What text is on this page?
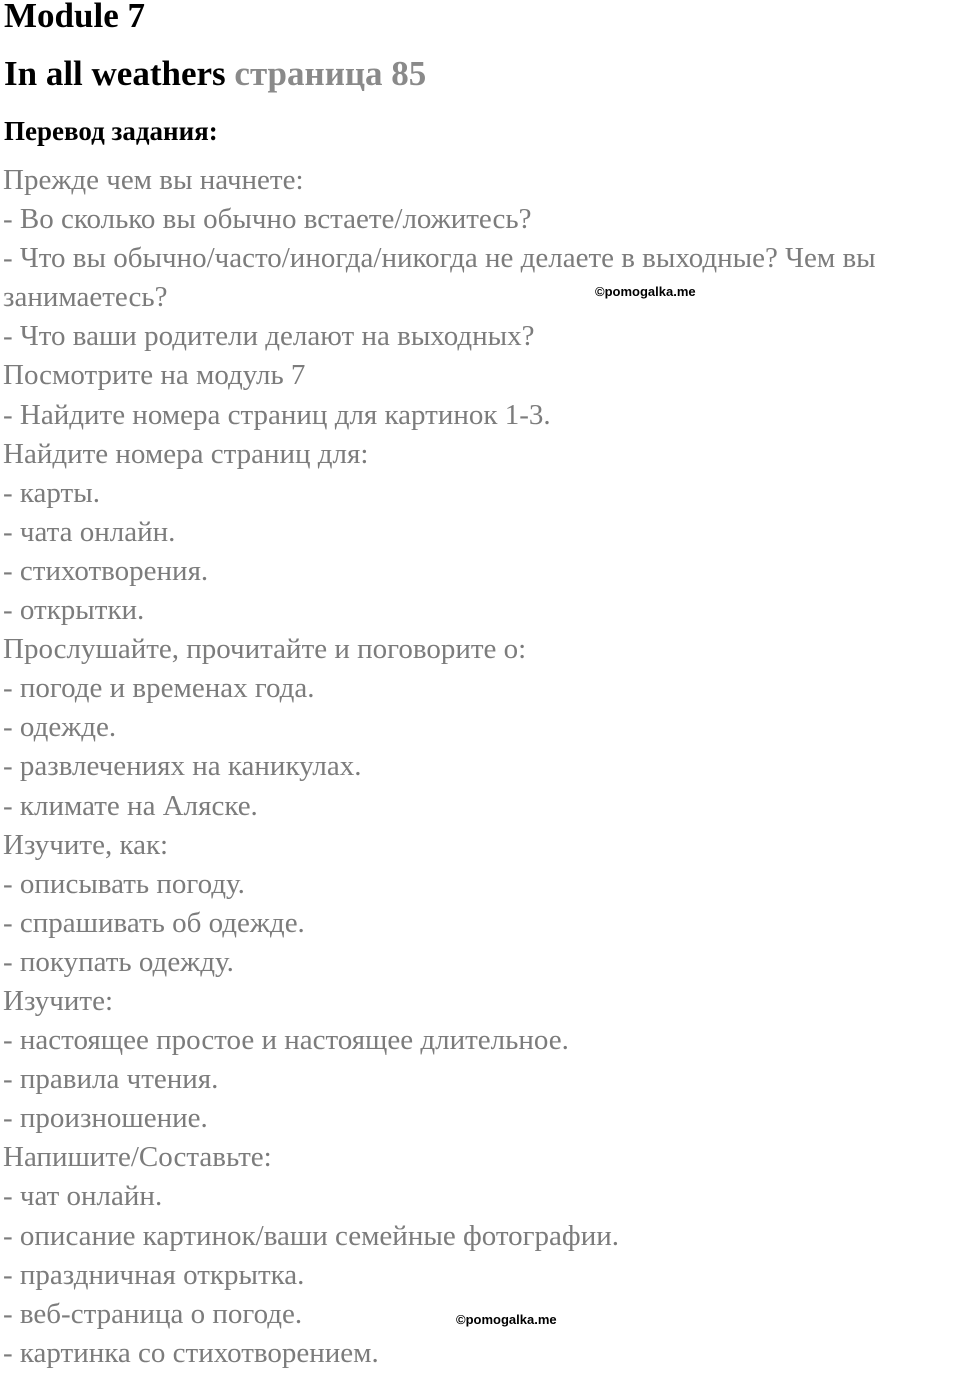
Module 7
In all weathers страница 85
Перевод задания:
Прежде чем вы начнете:
- Во сколько вы обычно встаете/ложитесь?
- Что вы обычно/часто/иногда/никогда не делаете в выходные? Чем вы занимаетесь?
- Что ваши родители делают на выходных?
Посмотрите на модуль 7
- Найдите номера страниц для картинок 1-3.
Найдите номера страниц для:
- карты.
- чата онлайн.
- стихотворения.
- открытки.
Прослушайте, прочитайте и поговорите о:
- погоде и временах года.
- одежде.
- развлечениях на каникулах.
- климате на Аляске.
Изучите, как:
- описывать погоду.
- спрашивать об одежде.
- покупать одежду.
Изучите:
- настоящее простое и настоящее длительное.
- правила чтения.
- произношение.
Напишите/Составьте:
- чат онлайн.
- описание картинок/ваши семейные фотографии.
- праздничная открытка.
- веб-страница о погоде.
- картинка со стихотворением.
©pomogalka.me
©pomogalka.me
